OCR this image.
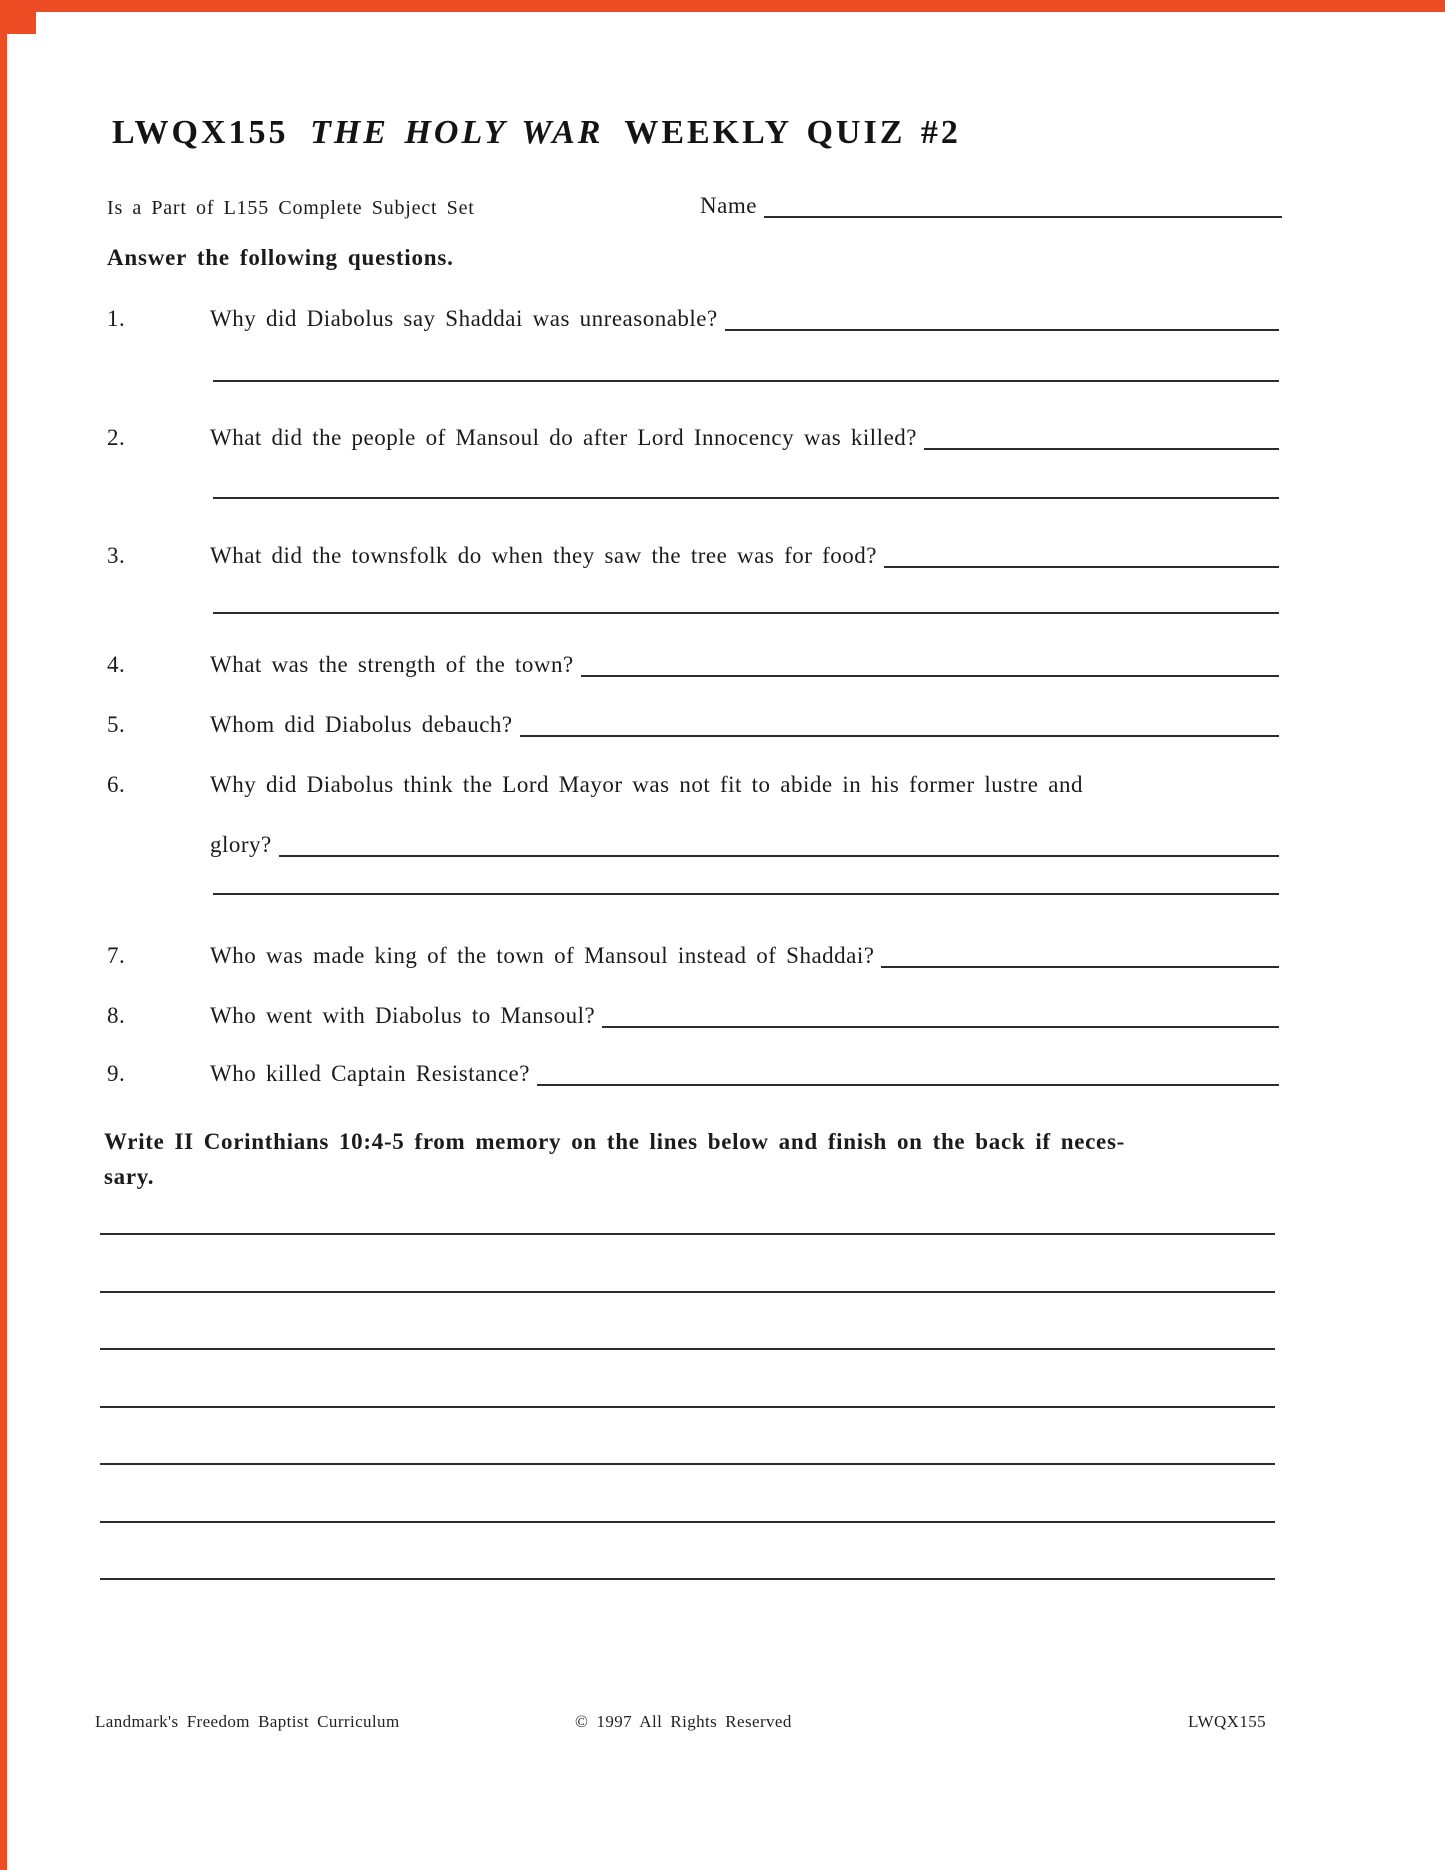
LWQX155 THE HOLY WAR WEEKLY QUIZ #2
Is a Part of L155 Complete Subject Set	Name
Answer the following questions.
1.	Why did Diabolus say Shaddai was unreasonable?
2.	What did the people of Mansoul do after Lord Innocency was killed?
3.	What did the townsfolk do when they saw the tree was for food?
4.	What was the strength of the town?
5.	Whom did Diabolus debauch?
6.	Why did Diabolus think the Lord Mayor was not fit to abide in his former lustre and
glory?
7.	Who was made king of the town of Mansoul instead of Shaddai?
8.	Who went with Diabolus to Mansoul?
9.	Who killed Captain Resistance?
Write II Corinthians 10:4-5 from memory on the lines below and finish on the back if neces-
sary.
Landmark's Freedom Baptist Curriculum	© 1997 All Rights Reserved	LWQX155
